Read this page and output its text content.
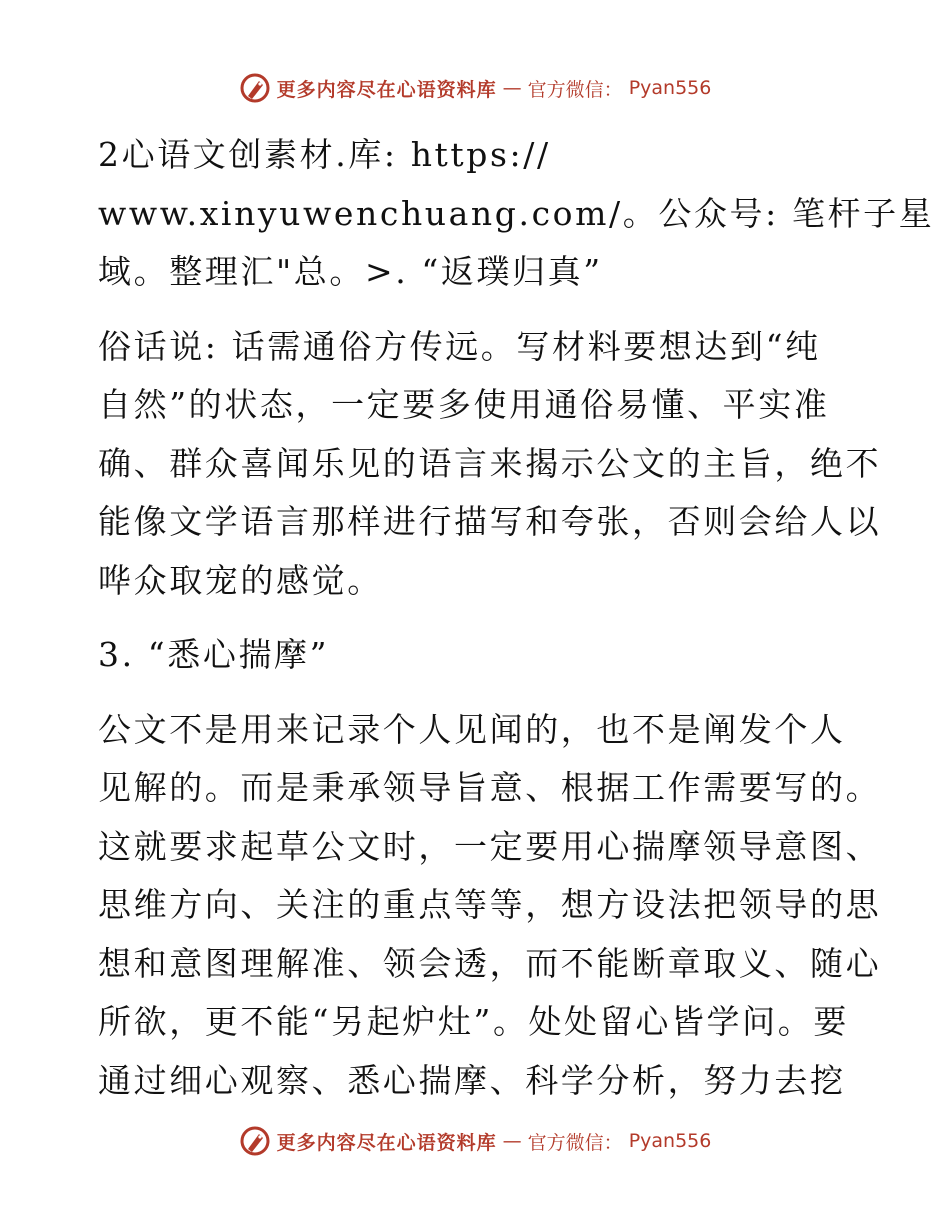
更多内容尽在心语资料库 — 官方微信： Pyan556

2心语文创素材.库: https://
www.xinyuwenchuang.com/。公众号: 笔杆子星
域。整理汇"总。>. “返璞归真”

俗话说: 话需通俗方传远。写材料要想达到“纯
自然”的状态，一定要多使用通俗易懂、平实准
确、群众喜闻乐见的语言来揭示公文的主旨，绝不
能像文学语言那样进行描写和夸张，否则会给人以
哗众取宠的感觉。

3. “悉心揣摩”

公文不是用来记录个人见闻的，也不是阐发个人
见解的。而是秉承领导旨意、根据工作需要写的。
这就要求起草公文时，一定要用心揣摩领导意图、
思维方向、关注的重点等等，想方设法把领导的思
想和意图理解准、领会透，而不能断章取义、随心
所欲，更不能“另起炉灶”。处处留心皆学问。要
通过细心观察、悉心揣摩、科学分析，努力去挖

更多内容尽在心语资料库 — 官方微信： Pyan556
